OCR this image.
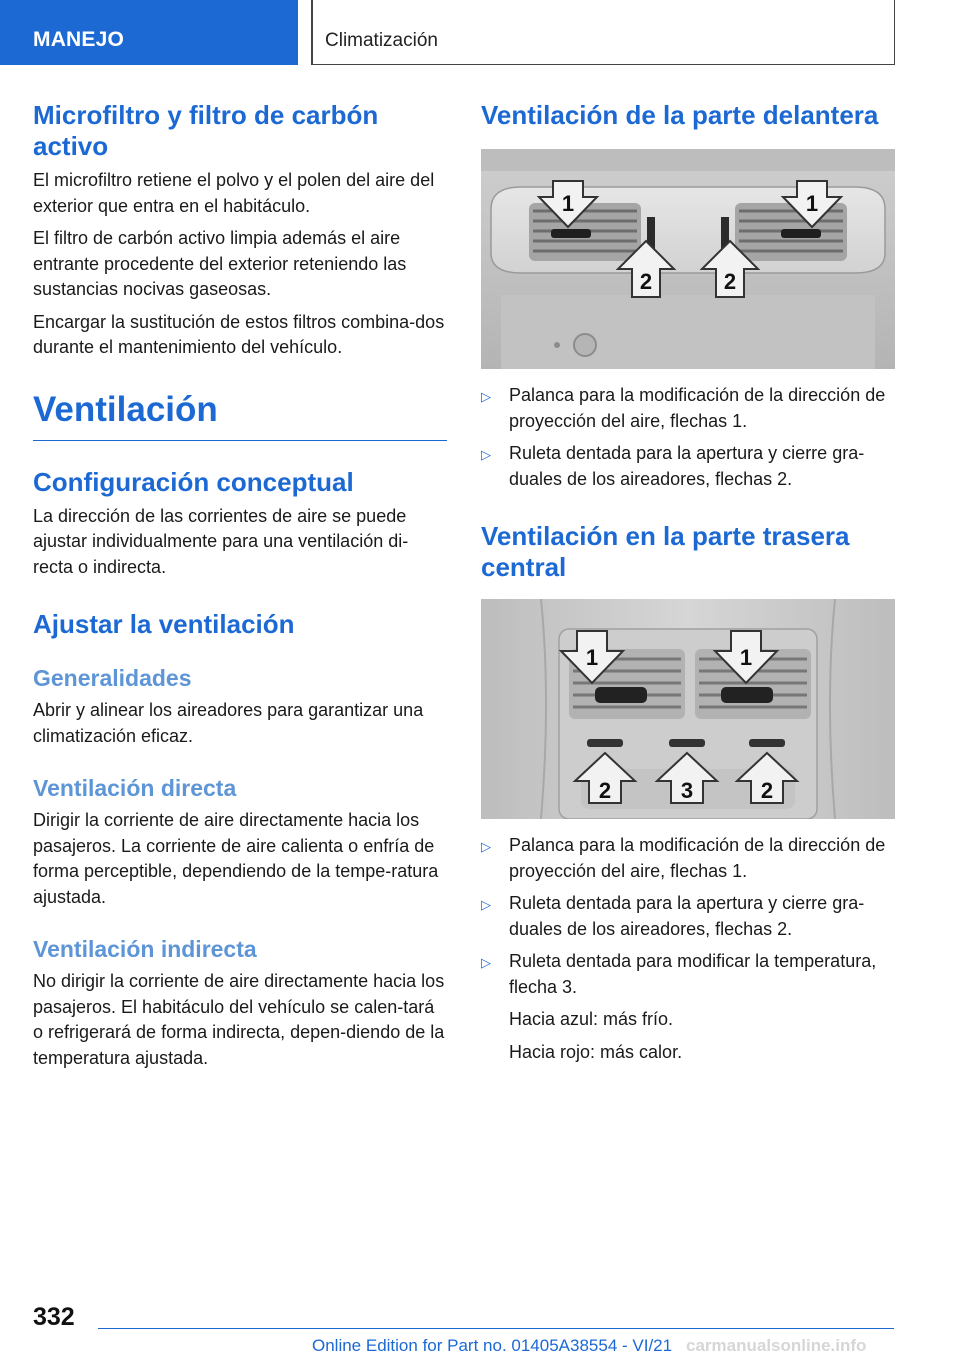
MANEJO	Climatización
Microfiltro y filtro de carbón activo

El microfiltro retiene el polvo y el polen del aire del exterior que entra en el habitáculo.

El filtro de carbón activo limpia además el aire entrante procedente del exterior reteniendo las sustancias nocivas gaseosas.

Encargar la sustitución de estos filtros combina-dos durante el mantenimiento del vehículo.

Ventilación
Configuración conceptual

La dirección de las corrientes de aire se puede ajustar individualmente para una ventilación di-recta o indirecta.

Ajustar la ventilación
Generalidades

Abrir y alinear los aireadores para garantizar una climatización eficaz.

Ventilación directa

Dirigir la corriente de aire directamente hacia los pasajeros. La corriente de aire calienta o enfría de forma perceptible, dependiendo de la tempe-ratura ajustada.

Ventilación indirecta

No dirigir la corriente de aire directamente hacia los pasajeros. El habitáculo del vehículo se calen-tará o refrigerará de forma indirecta, depen-diendo de la temperatura ajustada.

Ventilación de la parte delantera
1	1
2	2
▷	Palanca para la modificación de la dirección de proyección del aire, flechas 1.
▷	Ruleta dentada para la apertura y cierre gra-duales de los aireadores, flechas 2.
Ventilación en la parte trasera central
1	1
2	3	2
▷	Palanca para la modificación de la dirección de proyección del aire, flechas 1.
▷	Ruleta dentada para la apertura y cierre gra-duales de los aireadores, flechas 2.
▷	Ruleta dentada para modificar la temperatura, flecha 3.
Hacia azul: más frío.
Hacia rojo: más calor.
332
Online Edition for Part no. 01405A38554 - VI/21 carmanualsonline.info
